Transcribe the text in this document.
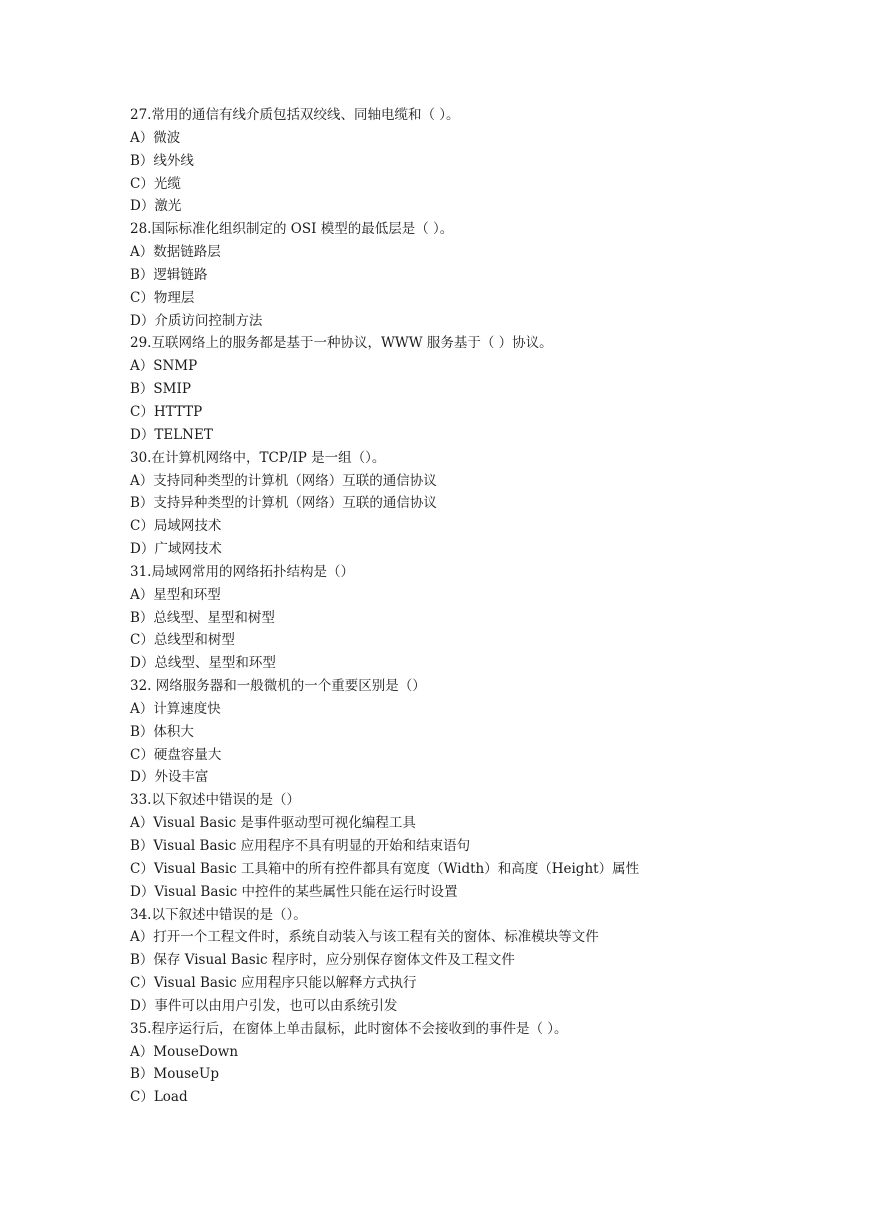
27.常用的通信有线介质包括双绞线、同轴电缆和（ ）。
A）微波
B）线外线
C）光缆
D）激光
28.国际标准化组织制定的 OSI 模型的最低层是（ ）。
A）数据链路层
B）逻辑链路
C）物理层
D）介质访问控制方法
29.互联网络上的服务都是基于一种协议，WWW 服务基于（ ）协议。
A）SNMP
B）SMIP
C）HTTTP
D）TELNET
30.在计算机网络中，TCP/IP 是一组（）。
A）支持同种类型的计算机（网络）互联的通信协议
B）支持异种类型的计算机（网络）互联的通信协议
C）局域网技术
D）广域网技术
31.局域网常用的网络拓扑结构是（）
A）星型和环型
B）总线型、星型和树型
C）总线型和树型
D）总线型、星型和环型
32. 网络服务器和一般微机的一个重要区别是（）
A）计算速度快
B）体积大
C）硬盘容量大
D）外设丰富
33.以下叙述中错误的是（）
A）Visual Basic 是事件驱动型可视化编程工具
B）Visual Basic 应用程序不具有明显的开始和结束语句
C）Visual Basic 工具箱中的所有控件都具有宽度（Width）和高度（Height）属性
D）Visual Basic 中控件的某些属性只能在运行时设置
34.以下叙述中错误的是（）。
A）打开一个工程文件时，系统自动装入与该工程有关的窗体、标准模块等文件
B）保存 Visual Basic 程序时，应分别保存窗体文件及工程文件
C）Visual Basic 应用程序只能以解释方式执行
D）事件可以由用户引发，也可以由系统引发
35.程序运行后，在窗体上单击鼠标，此时窗体不会接收到的事件是（ ）。
A）MouseDown
B）MouseUp
C）Load
